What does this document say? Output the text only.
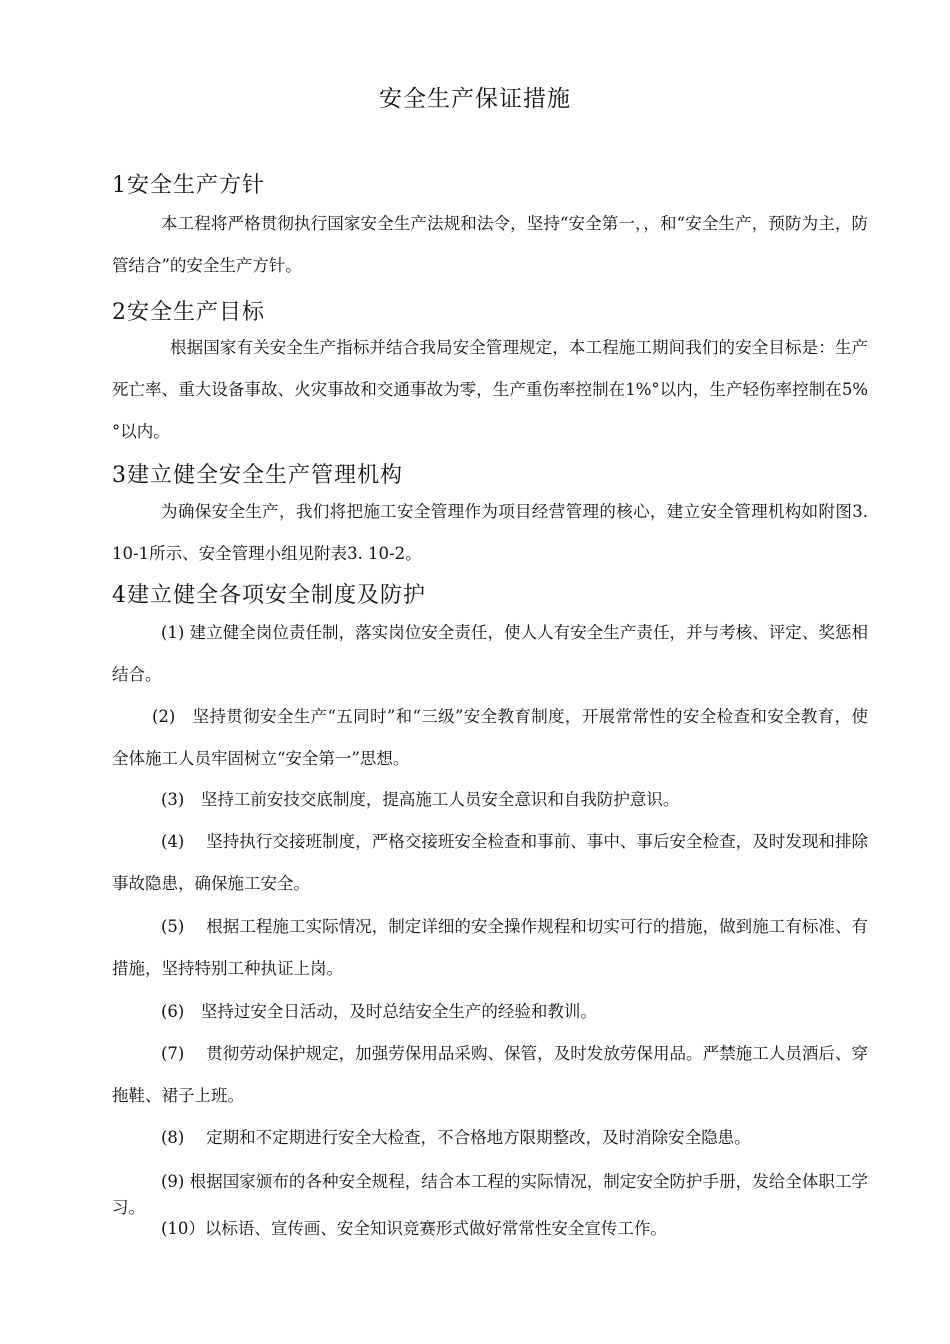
安全生产保证措施
1安全生产方针
本工程将严格贯彻执行国家安全生产法规和法令，坚持“安全第一，，和“安全生产，预防为主，防管结合”的安全生产方针。
2安全生产目标
根据国家有关安全生产指标并结合我局安全管理规定，本工程施工期间我们的安全目标是：生产死亡率、重大设备事故、火灾事故和交通事故为零，生产重伤率控制在1%°以内，生产轻伤率控制在5%°以内。
3建立健全安全生产管理机构
为确保安全生产，我们将把施工安全管理作为项目经营管理的核心，建立安全管理机构如附图3. 10-1所示、安全管理小组见附表3. 10-2。
4建立健全各项安全制度及防护
(1) 建立健全岗位责任制，落实岗位安全责任，使人人有安全生产责任，并与考核、评定、奖惩相结合。
(2)　坚持贯彻安全生产“五同时”和“三级”安全教育制度，开展常常性的安全检查和安全教育，使全体施工人员牢固树立“安全第一”思想。
(3)　坚持工前安技交底制度，提高施工人员安全意识和自我防护意识。
(4)　 坚持执行交接班制度，严格交接班安全检查和事前、事中、事后安全检查，及时发现和排除事故隐患，确保施工安全。
(5)　 根据工程施工实际情况，制定详细的安全操作规程和切实可行的措施，做到施工有标准、有措施，坚持特别工种执证上岗。
(6)　坚持过安全日活动，及时总结安全生产的经验和教训。
(7)　 贯彻劳动保护规定，加强劳保用品采购、保管，及时发放劳保用品。严禁施工人员酒后、穿拖鞋、裙子上班。
(8)　 定期和不定期进行安全大检查，不合格地方限期整改，及时消除安全隐患。
(9) 根据国家颁布的各种安全规程，结合本工程的实际情况，制定安全防护手册，发给全体职工学习。
(10）以标语、宣传画、安全知识竞赛形式做好常常性安全宣传工作。
